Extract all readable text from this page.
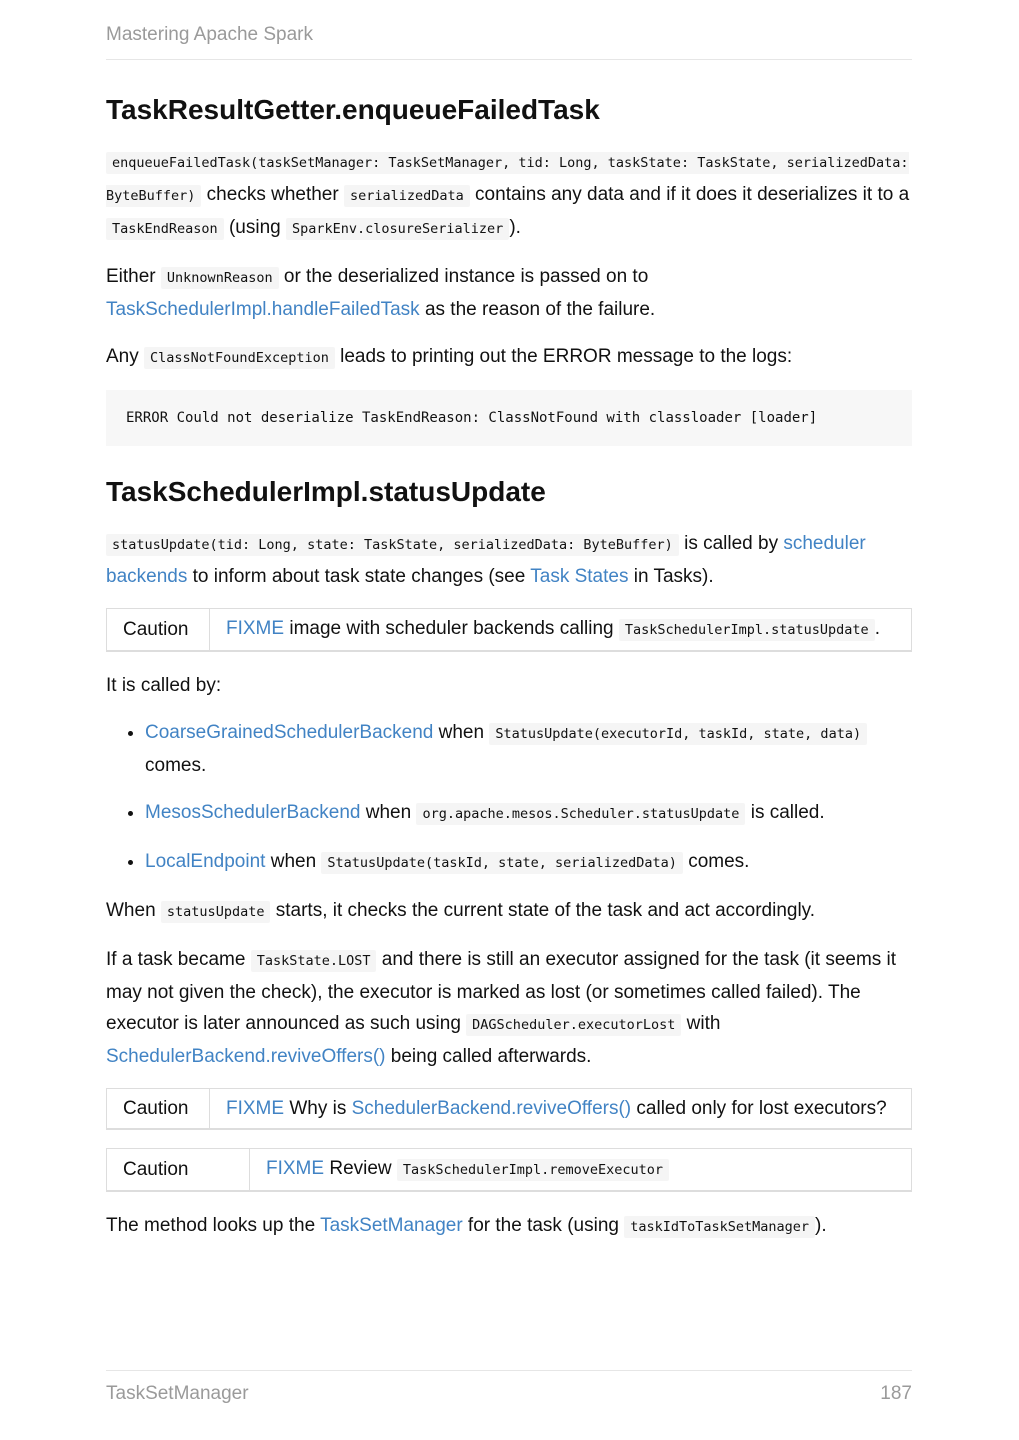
Mastering Apache Spark
TaskResultGetter.enqueueFailedTask

enqueueFailedTask(taskSetManager: TaskSetManager, tid: Long, taskState: TaskState, serializedData: ByteBuffer) checks whether serializedData contains any data and if it does it deserializes it to a TaskEndReason (using SparkEnv.closureSerializer ).

Either UnknownReason or the deserialized instance is passed on to TaskSchedulerImpl.handleFailedTask as the reason of the failure.

Any ClassNotFoundException leads to printing out the ERROR message to the logs:

ERROR Could not deserialize TaskEndReason: ClassNotFound with classloader [loader]
TaskSchedulerImpl.statusUpdate

statusUpdate(tid: Long, state: TaskState, serializedData: ByteBuffer) is called by scheduler backends to inform about task state changes (see Task States in Tasks).

Caution	FIXME image with scheduler backends calling TaskSchedulerImpl.statusUpdate .

It is called by:

• CoarseGrainedSchedulerBackend when StatusUpdate(executorId, taskId, state, data) comes.
• MesosSchedulerBackend when org.apache.mesos.Scheduler.statusUpdate is called.
• LocalEndpoint when StatusUpdate(taskId, state, serializedData) comes.

When statusUpdate starts, it checks the current state of the task and act accordingly.

If a task became TaskState.LOST and there is still an executor assigned for the task (it seems it may not given the check), the executor is marked as lost (or sometimes called failed). The executor is later announced as such using DAGScheduler.executorLost with SchedulerBackend.reviveOffers() being called afterwards.

Caution	FIXME Why is SchedulerBackend.reviveOffers() called only for lost executors?
Caution	FIXME Review TaskSchedulerImpl.removeExecutor

The method looks up the TaskSetManager for the task (using taskIdToTaskSetManager ).

TaskSetManager	187
